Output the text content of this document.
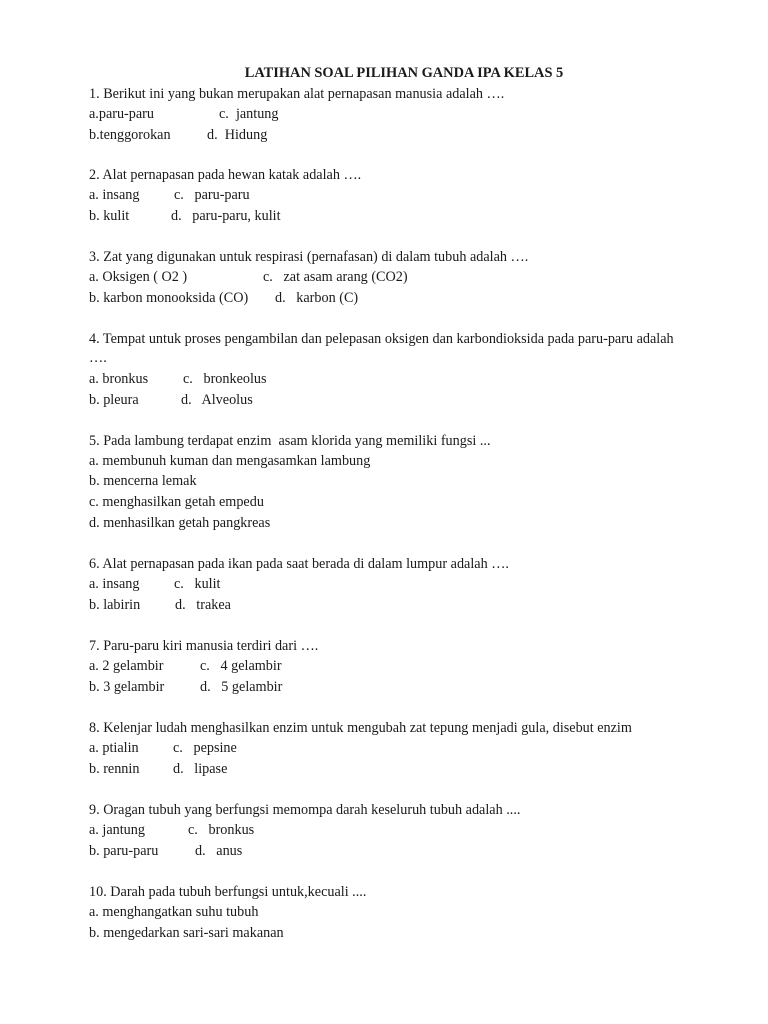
LATIHAN SOAL PILIHAN GANDA IPA KELAS 5
1. Berikut ini yang bukan merupakan alat pernapasan manusia adalah ….
a.paru-paru	c.  jantung
b.tenggorokan	d.  Hidung
2. Alat pernapasan pada hewan katak adalah ….
a. insang c.   paru-paru
b. kulit	d.   paru-paru, kulit
3. Zat yang digunakan untuk respirasi (pernafasan) di dalam tubuh adalah ….
a. Oksigen ( O2 )	c.   zat asam arang (CO2)
b. karbon monooksida (CO) d.   karbon (C)
4. Tempat untuk proses pengambilan dan pelepasan oksigen dan karbondioksida pada paru-paru adalah
….
a. bronkus c.   bronkeolus
b. pleura	d.   Alveolus
5. Pada lambung terdapat enzim  asam klorida yang memiliki fungsi ...
a. membunuh kuman dan mengasamkan lambung
b. mencerna lemak
c. menghasilkan getah empedu
d. menhasilkan getah pangkreas
6. Alat pernapasan pada ikan pada saat berada di dalam lumpur adalah ….
a. insang c.   kulit
b. labirin d.   trakea
7. Paru-paru kiri manusia terdiri dari ….
a. 2 gelambir	c.   4 gelambir
b. 3 gelambir	d.   5 gelambir
8. Kelenjar ludah menghasilkan enzim untuk mengubah zat tepung menjadi gula, disebut enzim
a. ptialin c.   pepsine
b. rennin d.   lipase
9. Oragan tubuh yang berfungsi memompa darah keseluruh tubuh adalah ....
a. jantung	c.   bronkus
b. paru-paru	d.   anus
10. Darah pada tubuh berfungsi untuk,kecuali ....
a. menghangatkan suhu tubuh
b. mengedarkan sari-sari makanan
